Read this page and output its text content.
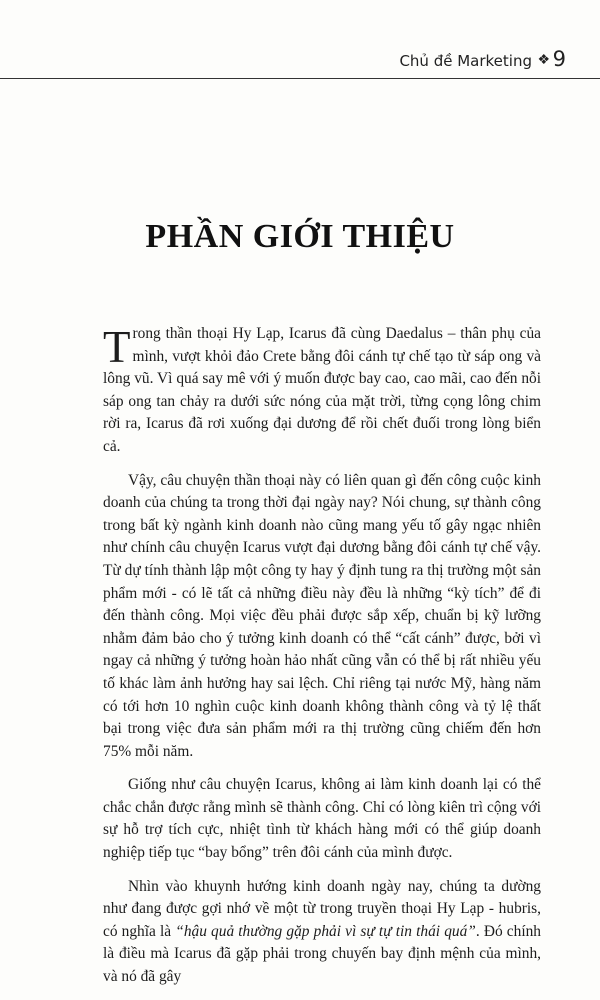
Chủ đề Marketing ❖ 9
PHẦN GIỚI THIỆU

Trong thần thoại Hy Lạp, Icarus đã cùng Daedalus – thân phụ của mình, vượt khỏi đảo Crete bằng đôi cánh tự chế tạo từ sáp ong và lông vũ. Vì quá say mê với ý muốn được bay cao, cao mãi, cao đến nỗi sáp ong tan chảy ra dưới sức nóng của mặt trời, từng cọng lông chim rời ra, Icarus đã rơi xuống đại dương để rồi chết đuối trong lòng biển cả.

Vậy, câu chuyện thần thoại này có liên quan gì đến công cuộc kinh doanh của chúng ta trong thời đại ngày nay? Nói chung, sự thành công trong bất kỳ ngành kinh doanh nào cũng mang yếu tố gây ngạc nhiên như chính câu chuyện Icarus vượt đại dương bằng đôi cánh tự chế vậy. Từ dự tính thành lập một công ty hay ý định tung ra thị trường một sản phẩm mới - có lẽ tất cả những điều này đều là những “kỳ tích” để đi đến thành công. Mọi việc đều phải được sắp xếp, chuẩn bị kỹ lưỡng nhằm đảm bảo cho ý tưởng kinh doanh có thể “cất cánh” được, bởi vì ngay cả những ý tưởng hoàn hảo nhất cũng vẫn có thể bị rất nhiều yếu tố khác làm ảnh hưởng hay sai lệch. Chỉ riêng tại nước Mỹ, hàng năm có tới hơn 10 nghìn cuộc kinh doanh không thành công và tỷ lệ thất bại trong việc đưa sản phẩm mới ra thị trường cũng chiếm đến hơn 75% mỗi năm.

Giống như câu chuyện Icarus, không ai làm kinh doanh lại có thể chắc chắn được rằng mình sẽ thành công. Chỉ có lòng kiên trì cộng với sự hỗ trợ tích cực, nhiệt tình từ khách hàng mới có thể giúp doanh nghiệp tiếp tục “bay bổng” trên đôi cánh của mình được.

Nhìn vào khuynh hướng kinh doanh ngày nay, chúng ta dường như đang được gợi nhớ về một từ trong truyền thoại Hy Lạp - hubris, có nghĩa là “hậu quả thường gặp phải vì sự tự tin thái quá”. Đó chính là điều mà Icarus đã gặp phải trong chuyến bay định mệnh của mình, và nó đã gây
